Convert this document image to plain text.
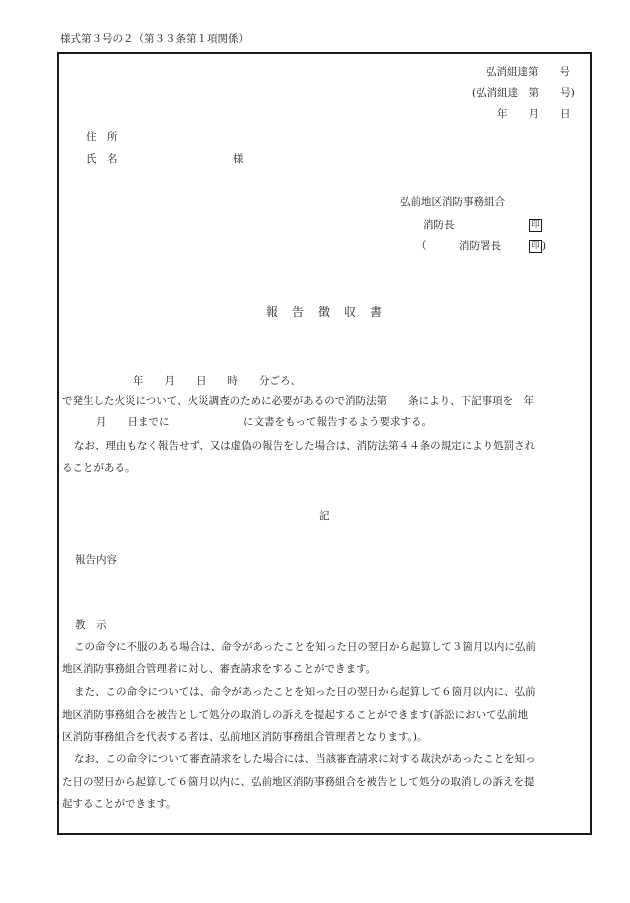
様式第３号の２（第３３条第１項関係）
弘消組達第　　号
(弘消組達　第　　号)
年　　月　　日
住　所
氏　名	様
弘前地区消防事務組合
消防長	印
（	消防署長	印 )
報告徴収書
年　　月　　日　　時　　分ごろ、
で発生した火災について、火災調査のために必要があるので消防法第　　条により、下記事項を　年
月　　日までに　　　　　　　に文書をもって報告するよう要求する。
なお、理由もなく報告せず、又は虚偽の報告をした場合は、消防法第４４条の規定により処罰され
ることがある。
記
報告内容
教　示
この命令に不服のある場合は、命令があったことを知った日の翌日から起算して３箇月以内に弘前
地区消防事務組合管理者に対し、審査請求をすることができます。
また、この命令については、命令があったことを知った日の翌日から起算して６箇月以内に、弘前
地区消防事務組合を被告として処分の取消しの訴えを提起することができます(訴訟において弘前地
区消防事務組合を代表する者は、弘前地区消防事務組合管理者となります。)。
なお、この命令について審査請求をした場合には、当該審査請求に対する裁決があったことを知っ
た日の翌日から起算して６箇月以内に、弘前地区消防事務組合を被告として処分の取消しの訴えを提
起することができます。
